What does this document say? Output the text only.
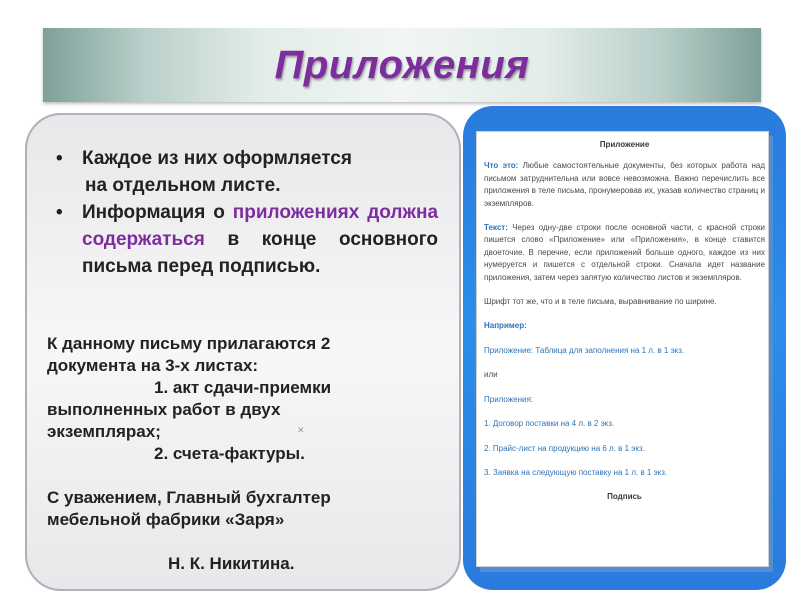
Приложения
• Каждое из них оформляется
на отдельном листе.
• Информация о приложениях должна содержаться в конце основного письма перед подписью.
К данному письму прилагаются 2
документа на 3-х листах:
1. акт сдачи-приемки
выполненных работ в двух
экземплярах;
2. счета-фактуры.
С уважением, Главный бухгалтер
мебельной фабрики «Заря»
Н. К. Никитина.
✕
Приложение
Что это: Любые самостоятельные документы, без которых работа над письмом затруднительна или вовсе невозможна. Важно перечислить все приложения в теле письма, пронумеровав их, указав количество страниц и экземпляров.
Текст: Через одну-две строки после основной части, с красной строки пишется слово «Приложение» или «Приложения», в конце ставится двоеточие. В перечне, если приложений больше одного, каждое из них нумеруется и пишется с отдельной строки. Сначала идет название приложения, затем через запятую количество листов и экземпляров.
Шрифт тот же, что и в теле письма, выравнивание по ширине.
Например:
Приложение: Таблица для заполнения на 1 л. в 1 экз.
или
Приложения:
1. Договор поставки на 4 л. в 2 экз.
2. Прайс-лист на продукцию на 6 л. в 1 экз.
3. Заявка на следующую поставку на 1 л. в 1 экз.
Подпись
